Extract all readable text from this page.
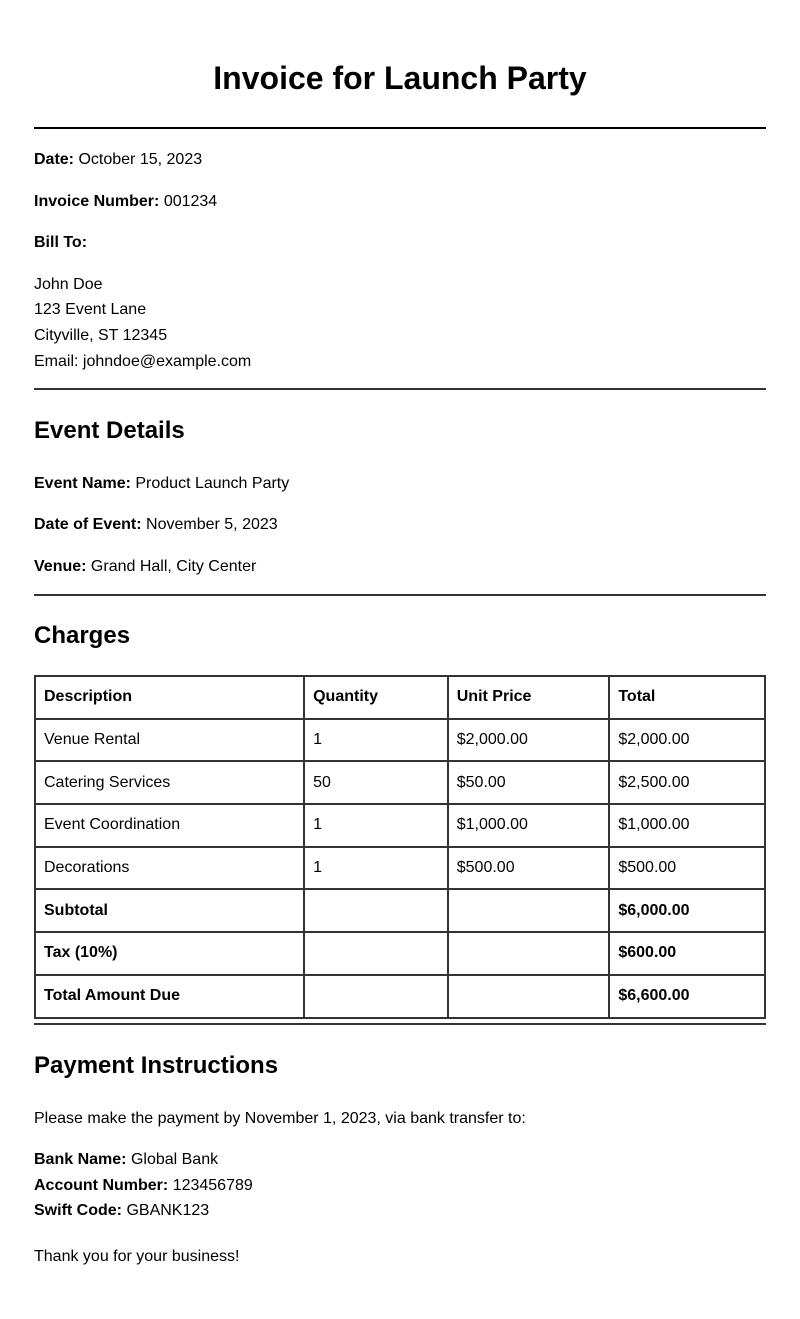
Invoice for Launch Party
Date: October 15, 2023
Invoice Number: 001234
Bill To:
John Doe
123 Event Lane
Cityville, ST 12345
Email: johndoe@example.com
Event Details
Event Name: Product Launch Party
Date of Event: November 5, 2023
Venue: Grand Hall, City Center
Charges
Description	Quantity	Unit Price	Total
Venue Rental	1	$2,000.00	$2,000.00
Catering Services	50	$50.00	$2,500.00
Event Coordination	1	$1,000.00	$1,000.00
Decorations	1	$500.00	$500.00
Subtotal			$6,000.00
Tax (10%)			$600.00
Total Amount Due			$6,600.00
Payment Instructions
Please make the payment by November 1, 2023, via bank transfer to:
Bank Name: Global Bank
Account Number: 123456789
Swift Code: GBANK123
Thank you for your business!
